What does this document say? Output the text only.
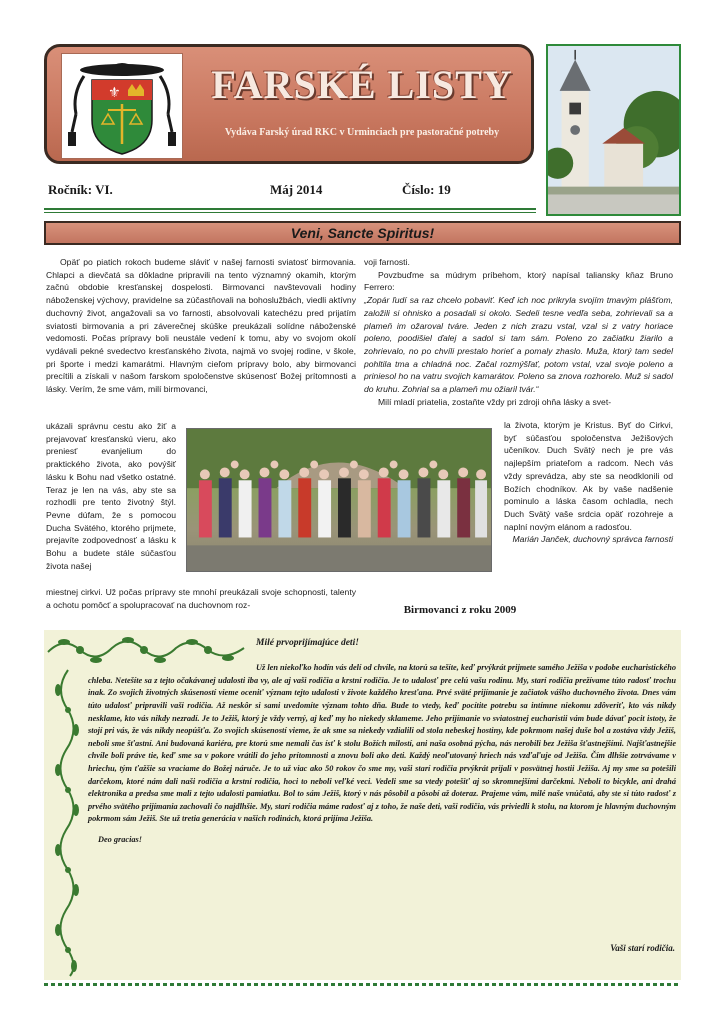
⚜	FARSKÉ LISTY
Vydáva Farský úrad RKC v Urminciach pre pastoračné potreby
Ročník: VI.	Máj 2014	Číslo: 19
Veni, Sancte Spiritus!

Opäť po piatich rokoch budeme sláviť v našej farnosti sviatosť birmovania. Chlapci a dievčatá sa dôkladne pripravili na tento významný okamih, ktorým začnú obdobie kresťanskej dospelosti. Birmovanci navštevovali hodiny náboženskej výchovy, pravidelne sa zúčastňovali na bohoslužbách, viedli aktívny duchovný život, angažovali sa vo farnosti, absolvovali katechézu pred prijatím sviatosti birmovania a pri záverečnej skúške preukázali solídne náboženské vedomosti. Počas prípravy boli neustále vedení k tomu, aby vo svojom okolí vydávali pekné svedectvo kresťanského života, najmä vo svojej rodine, v škole, pri športe i medzi kamarátmi. Hlavným cieľom prípravy bolo, aby birmovanci precítili a získali v našom farskom spoločenstve skúsenosť Božej prítomnosti a lásky. Verím, že sme vám, milí birmovanci,

ukázali správnu cestu ako žiť a prejavovať kresťanskú vieru, ako preniesť evanjelium do praktického života, ako povýšiť lásku k Bohu nad všetko ostatné. Teraz je len na vás, aby ste sa rozhodli pre tento životný štýl. Pevne dúfam, že s pomocou Ducha Svätého, ktorého prijmete, prejavíte zodpovednosť a lásku k Bohu a budete stále súčasťou života našej

miestnej cirkvi. Už počas prípravy ste mnohí preukázali svoje schopnosti, talenty a ochotu pomôcť a spolupracovať na duchovnom roz-

voji farnosti.

Povzbuďme sa múdrym príbehom, ktorý napísal taliansky kňaz Bruno Ferrero:

„Zopár ľudí sa raz chcelo pobaviť. Keď ich noc prikryla svojím tmavým plášťom, založili si ohnisko a posadali si okolo. Sedeli tesne vedľa seba, zohrievali sa a plameň im ožaroval tváre. Jeden z nich zrazu vstal, vzal si z vatry horiace poleno, poodišiel ďalej a sadol si tam sám. Poleno zo začiatku žiarilo a zohrievalo, no po chvíli prestalo horieť a pomaly zhaslo. Muža, ktorý tam sedel pohltila tma a chladná noc. Začal rozmýšľať, potom vstal, vzal svoje poleno a priniesol ho na vatru svojich kamarátov. Poleno sa znova rozhorelo. Muž si sadol do kruhu. Zohrial sa a plameň mu ožiaril tvár.“

Milí mladí priatelia, zostaňte vždy pri zdroji ohňa lásky a svet-

la života, ktorým je Kristus. Byť do Cirkvi, byť súčasťou spoločenstva Ježišových učeníkov. Duch Svätý nech je pre vás najlepším priateľom a radcom. Nech vás vždy sprevádza, aby ste sa neodklonili od Božích chodníkov. Ak by vaše nadšenie pominulo a láska časom ochladla, nech Duch Svätý vaše srdcia opäť rozohreje a naplní novým elánom a radosťou.

Marián Janček, duchovný správca farnosti

Birmovanci z roku 2009
Milé prvoprijímajúce deti!

Už len niekoľko hodín vás delí od chvíle, na ktorú sa tešíte, keď prvýkrát prijmete samého Ježiša v podobe eucharistického chleba. Netešíte sa z tejto očakávanej udalosti iba vy, ale aj vaši rodičia a krstní rodičia. Je to udalosť pre celú vašu rodinu. My, starí rodičia prežívame túto radosť trochu inak. Zo svojich životných skúseností vieme oceniť význam tejto udalosti v živote každého kresťana. Prvé sväté prijímanie je začiatok vášho duchovného života. Dnes vám túto udalosť pripravili vaši rodičia. Až neskôr si sami uvedomíte význam tohto dňa. Bude to vtedy, keď pocítite potrebu sa intímne niekomu zdôveriť, kto vás nikdy nesklame, kto vás nikdy nezradí. Je to Ježiš, ktorý je vždy verný, aj keď my ho niekedy sklameme. Jeho prijímanie vo sviatostnej eucharistii vám bude dávať pocit istoty, že stojí pri vás, že vás nikdy neopúšťa. Zo svojich skúseností vieme, že ak sme sa niekedy vzdialili od stola nebeskej hostiny, kde pokrmom našej duše bol a zostáva vždy Ježiš, neboli sme šťastní. Ani budovaná kariéra, pre ktorú sme nemali čas ísť k stolu Božích milostí, ani naša osobná pýcha, nás nerobili bez Ježiša šťastnejšími. Najšťastnejšie chvíle boli práve tie, keď sme sa v pokore vrátili do jeho prítomnosti a znovu boli ako deti. Každý neoľutovaný hriech nás vzďaľuje od Ježiša. Čím dlhšie zotrvávame v hriechu, tým ťažšie sa vraciame do Božej náruče. Je to už viac ako 50 rokov čo sme my, vaši starí rodičia prvýkrát prijali v posvätnej hostii Ježiša. Aj my sme sa potešili darčekom, ktoré nám dali naši rodičia a krstní rodičia, hoci to neboli veľké veci. Vedeli sme sa vtedy potešiť aj so skromnejšími darčekmi. Neboli to bicykle, ani drahá elektronika a predsa sme mali z tejto udalosti pamiatku. Bol to sám Ježiš, ktorý v nás pôsobil a pôsobí až doteraz. Prajeme vám, milé naše vnúčatá, aby ste si túto radosť z prvého svätého prijímania zachovali čo najdlhšie. My, starí rodičia máme radosť aj z toho, že naše deti, vaši rodičia, vás priviedli k stolu, na ktorom je hlavným duchovným pokrmom sám Ježiš. Ste už tretia generácia v našich rodinách, ktorá prijíma Ježiša.

Deo gracias!

Vaši starí rodičia.
